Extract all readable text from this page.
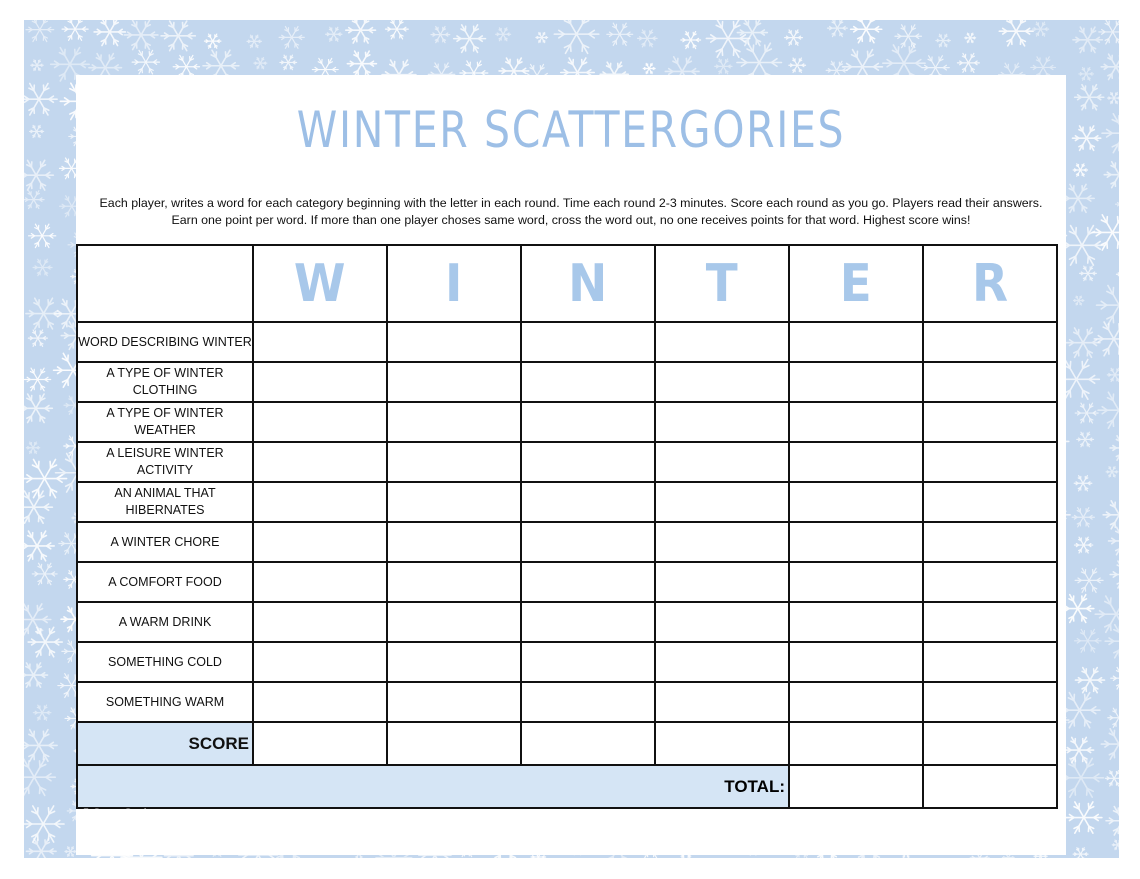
WINTER SCATTERGORIES
Each player, writes a word for each category beginning with the letter in each round. Time each round 2-3 minutes. Score each round as you go. Players read their answers. Earn one point per word. If more than one player choses same word, cross the word out, no one receives points for that word. Highest score wins!
	W	I	N	T	E	R
WORD DESCRIBING WINTER						
A TYPE OF WINTER CLOTHING						
A TYPE OF WINTER WEATHER						
A LEISURE WINTER ACTIVITY						
AN ANIMAL THAT HIBERNATES						
A WINTER CHORE						
A COMFORT FOOD						
A WARM DRINK						
SOMETHING COLD						
SOMETHING WARM						
SCORE						
TOTAL:						
© SunnySenior
